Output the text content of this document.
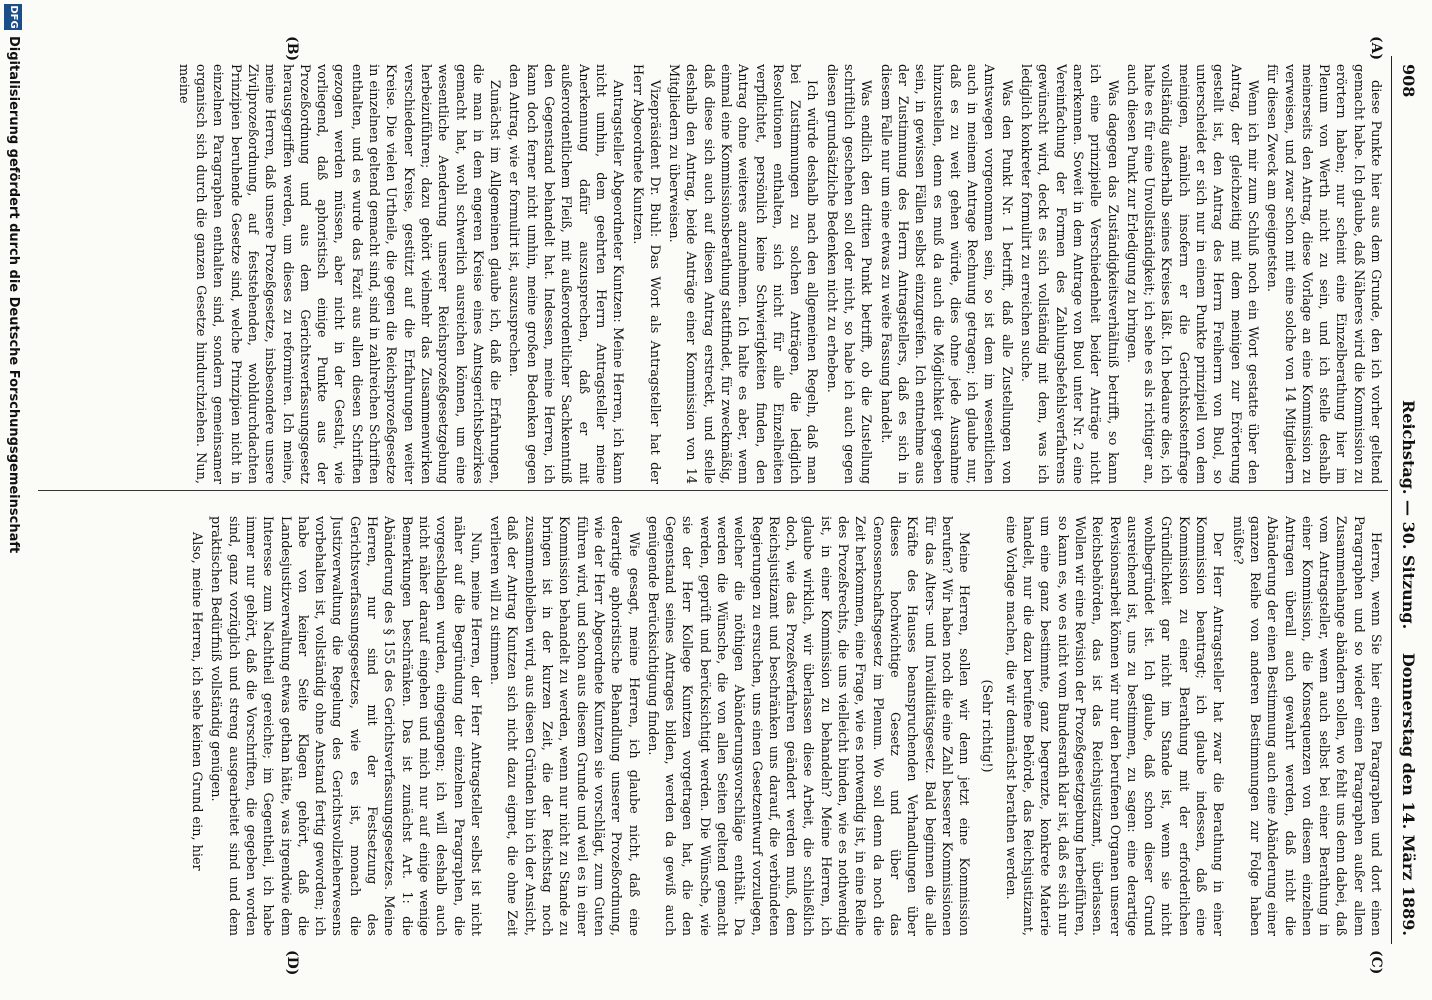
908
Reichstag. — 30. Sitzung.
Donnerstag den 14. März 1889.
(A)
(B)
(C)
(D)

diese Punkte hier aus dem Grunde, den ich vorher geltend gemacht habe. Ich glaube, daß Näheres wird die Kommission zu erörtern haben; nur scheint eine Einzelberathung hier im Plenum von Werth nicht zu sein, und ich stelle deshalb meinerseits den Antrag, diese Vorlage an eine Kommission zu verweisen, und zwar schon mit eine solche von 14 Mitgliedern für diesen Zweck am geeignetsten.

Wenn ich mir zum Schluß noch ein Wort gestatte über den Antrag, der gleichzeitig mit dem meinigen zur Erörterung gestellt ist, den Antrag des Herrn Freiherrn von Buol, so unterscheidet er sich nur in einem Punkte prinzipiell von dem meinigen, nämlich insofern er die Gerichtskostenfrage vollständig außerhalb seines Kreises läßt. Ich bedaure dies, ich halte es für eine Unvollständigkeit; ich sehe es als richtiger an, auch diesen Punkt zur Erledigung zu bringen.

Was dagegen das Zuständigkeitsverhältniß betrifft, so kann ich eine prinzipielle Verschiedenheit beider Anträge nicht anerkennen. Soweit in dem Antrage von Buol unter Nr. 2 eine Vereinfachung der Formen des Zahlungsbefehlsverfahrens gewünscht wird, deckt es sich vollständig mit dem, was ich lediglich konkreter formulirt zu erreichen suche.

Was den Punkt Nr. 1 betrifft, daß alle Zustellungen von Amtswegen vorgenommen sein, so ist dem im wesentlichen auch in meinem Antrage Rechnung getragen; ich glaube nur, daß es zu weit gehen würde, dies ohne jede Ausnahme hinzustellen, denn es muß da auch die Möglichkeit gegeben sein, in gewissen Fällen selbst einzugreifen. Ich entnehme aus der Zustimmung des Herrn Antragstellers, daß es sich in diesem Falle nur um eine etwas zu weite Fassung handelt.

Was endlich den dritten Punkt betrifft, ob die Zustellung schriftlich geschehen soll oder nicht, so habe ich auch gegen diesen grundsätzliche Bedenken nicht zu erheben.

Ich würde deshalb nach den allgemeinen Regeln, daß man bei Zustimmungen zu solchen Anträgen, die lediglich Resolutionen enthalten, sich nicht für alle Einzelheiten verpflichtet, persönlich keine Schwierigkeiten finden, den Antrag ohne weiteres anzunehmen. Ich halte es aber, wenn einmal eine Kommissionsberathung stattfindet, für zweckmäßig, daß diese sich auch auf diesen Antrag erstreckt, und stelle deshalb den Antrag, beide Anträge einer Kommission von 14 Mitgliedern zu überweisen.

Vizepräsident Dr. Buhl: Das Wort als Antragsteller hat der Herr Abgeordnete Kuntzen.

Antragsteller Abgeordneter Kuntzen: Meine Herren, ich kann nicht umhin, dem geehrten Herrn Antragsteller meine Anerkennung dafür auszusprechen, daß er mit außerordentlichem Fleiß, mit außerordentlicher Sachkenntniß den Gegenstand behandelt hat. Indessen, meine Herren, ich kann doch ferner nicht umhin, meine großen Bedenken gegen den Antrag, wie er formulirt ist, auszusprechen.

Zunächst im Allgemeinen glaube ich, daß die Erfahrungen, die man in dem engeren Kreise eines Amtsgerichtsbezirkes gemacht hat, wohl schwerlich ausreichen können, um eine wesentliche Aenderung unserer Reichsprozeßgesetzgebung herbeizuführen; dazu gehört vielmehr das Zusammenwirken verschiedener Kreise, gestützt auf die Erfahrungen weiter Kreise. Die vielen Urtheile, die gegen die Reichsprozeßgesetze in einzelnen geltend gemacht sind, sind in zahlreichen Schriften enthalten, und es wurde das Fazit aus allen diesen Schriften gezogen werden müssen, aber nicht in der Gestalt, wie vorliegend, daß aphoristisch einige Punkte aus der Prozeßordnung und aus dem Gerichtsverfassungsgesetz herausgegriffen werden, um dieses zu reformiren. Ich meine, meine Herren, daß unsere Prozeßgesetze, insbesondere unsere Zivilprozeßordnung, auf feststehenden, wohldurchdachten Prinzipien beruhende Gesetze sind, welche Prinzipien nicht in einzelnen Paragraphen enthalten sind, sondern gemeinsamer organisch sich durch die ganzen Gesetze hindurchziehen. Nun, meine

Herren, wenn Sie hier einen Paragraphen und dort einen Paragraphen und so wieder einen Paragraphen außer allem Zusammenhange abändern sollen, wo fehlt uns denn dabei, daß vom Antragsteller, wenn auch selbst bei einer Berathung in einer Kommission, die Konsequenzen von diesem einzelnen Antragen überall auch gewahrt werden, daß nicht die Abänderung der einen Bestimmung auch eine Abänderung einer ganzen Reihe von anderen Bestimmungen zur Folge haben müßte?

Der Herr Antragsteller hat zwar die Berathung in einer Kommission beantragt; ich glaube indessen, daß eine Kommission zu einer Berathung mit der erforderlichen Gründlichkeit gar nicht im Stande ist, wenn sie nicht wohlbegründet ist. Ich glaube, daß schon dieser Grund ausreichend ist, uns zu bestimmen, zu sagen: eine derartige Revisionsarbeit können wir nur den berufenen Organen unserer Reichsbehörden, das ist das Reichsjustizamt, überlassen. Wollen wir eine Revision der Prozeßgesetzgebung herbeiführen, so kann es, wo es nicht vom Bundesrath klar ist, daß es sich nur um eine ganz bestimmte, ganz begrenzte, konkrete Materie handelt, nur die dazu berufene Behörde, das Reichsjustizamt, eine Vorlage machen, die wir demnächst berathen werden.

(Sehr richtig!)

Meine Herren, sollen wir denn jetzt eine Kommission berufen? Wir haben noch die eine Zahl besserer Kommissionen für das Alters- und Invaliditätsgesetz. Bald beginnen die alle Kräfte des Hauses beanspruchenden Verhandlungen über dieses hochwichtige Gesetz und über das Genossenschaftsgesetz im Plenum. Wo soll denn da noch die Zeit herkommen, eine Frage, wie es notwendig ist, in eine Reihe des Prozeßrechts, die uns vielleicht binden, wie es nothwendig ist, in einer Kommission zu behandeln? Meine Herren, ich glaube wirklich, wir überlassen diese Arbeit, die schließlich doch, wie das Prozeßverfahren geändert werden muß, dem Reichsjustizamt und beschränken uns darauf, die verbündeten Regierungen zu ersuchen, uns einen Gesetzentwurf vorzulegen, welcher die nöthigen Abänderungsvorschläge enthält. Da werden die Wünsche, die von allen Seiten geltend gemacht werden, geprüft und berücksichtigt werden. Die Wünsche, wie sie der Herr Kollege Kuntzen vorgetragen hat, die den Gegenstand seines Antrages bilden, werden da gewiß auch genügende Berücksichtigung finden.

Wie gesagt, meine Herren, ich glaube nicht, daß eine derartige aphoristische Behandlung unserer Prozeßordnung, wie der Herr Abgeordnete Kuntzen sie vorschlägt, zum Guten führen wird, und schon aus diesem Grunde und weil es in einer Kommission behandelt zu werden, wenn nur nicht zu Stande zu bringen ist in der kurzen Zeit, die der Reichstag noch zusammenbleiben wird, aus diesen Gründen bin ich der Ansicht, daß der Antrag Kuntzen sich nicht dazu eignet, die ohne Zeit verlieren will zu stimmen.

Nun, meine Herren, der Herr Antragsteller selbst ist nicht näher auf die Begründung der einzelnen Paragraphen, die vorgeschlagen wurden, eingegangen; ich will deshalb auch nicht näher darauf eingehen und mich nur auf einige wenige Bemerkungen beschränken. Das ist zunächst Art. 1: die Abänderung des § 155 des Gerichtsverfassungsgesetzes. Meine Herren, nur sind mit der Festsetzung des Gerichtsverfassungsgesetzes, wie es ist, monach die Justizverwaltung die Regelung des Gerichtsvollzieherwesens vorbehalten ist, vollständig ohne Anstand fertig geworden; ich habe von keiner Seite Klagen gehört, daß die Landesjustizverwaltung etwas gethan hätte, was irgendwie dem Interesse zum Nachtheil gereichte; im Gegentheil, ich habe immer nur gehört, daß die Vorschriften, die gegeben worden sind, ganz vorzüglich und streng ausgearbeitet sind und dem praktischen Bedürfniß vollständig genügen.

Also, meine Herren, ich sehe keinen Grund ein, hier

DFG
Digitalisierung gefördert durch die Deutsche Forschungsgemeinschaft
